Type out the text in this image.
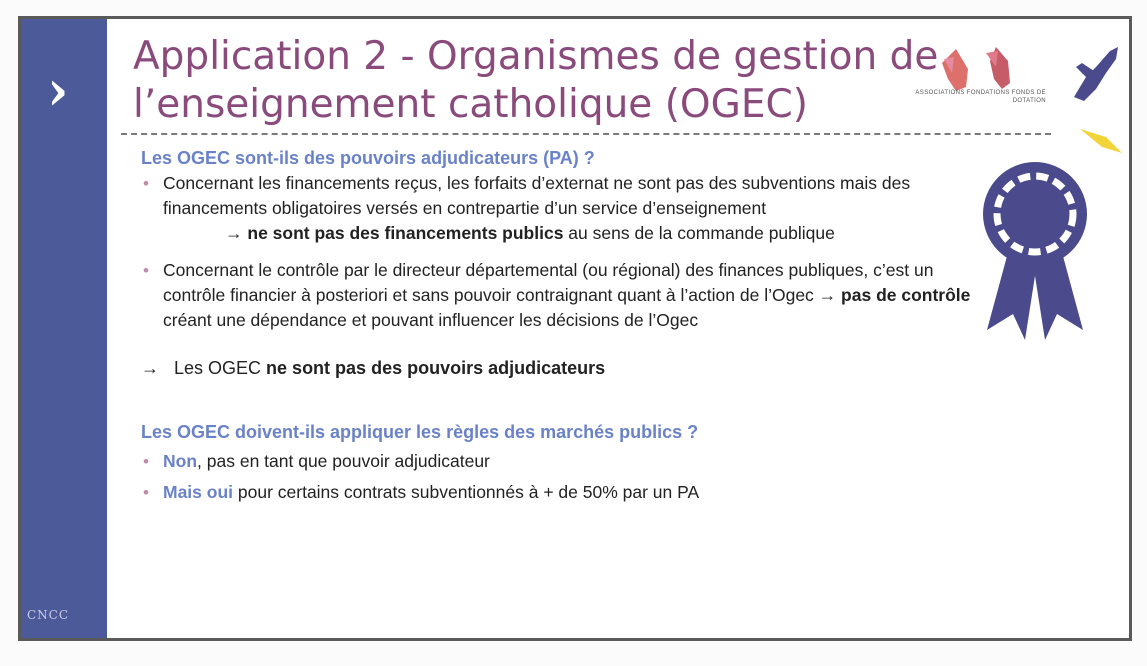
›
CNCC
Application 2 - Organismes de gestion de
l’enseignement catholique (OGEC)	ASSOCIATIONS FONDATIONS FONDS DE DOTATION
Les OGEC sont-ils des pouvoirs adjudicateurs (PA) ?
• Concernant les financements reçus, les forfaits d’externat ne sont pas des subventions mais des financements obligatoires versés en contrepartie d’un service d’enseignement

→ ne sont pas des financements publics au sens de la commande publique

• Concernant le contrôle par le directeur départemental (ou régional) des finances publiques, c’est un contrôle financier à posteriori et sans pouvoir contraignant quant à l’action de l’Ogec → pas de contrôle créant une dépendance et pouvant influencer les décisions de l’Ogec

→ Les OGEC ne sont pas des pouvoirs adjudicateurs

Les OGEC doivent-ils appliquer les règles des marchés publics ?
• Non, pas en tant que pouvoir adjudicateur
• Mais oui pour certains contrats subventionnés à + de 50% par un PA
